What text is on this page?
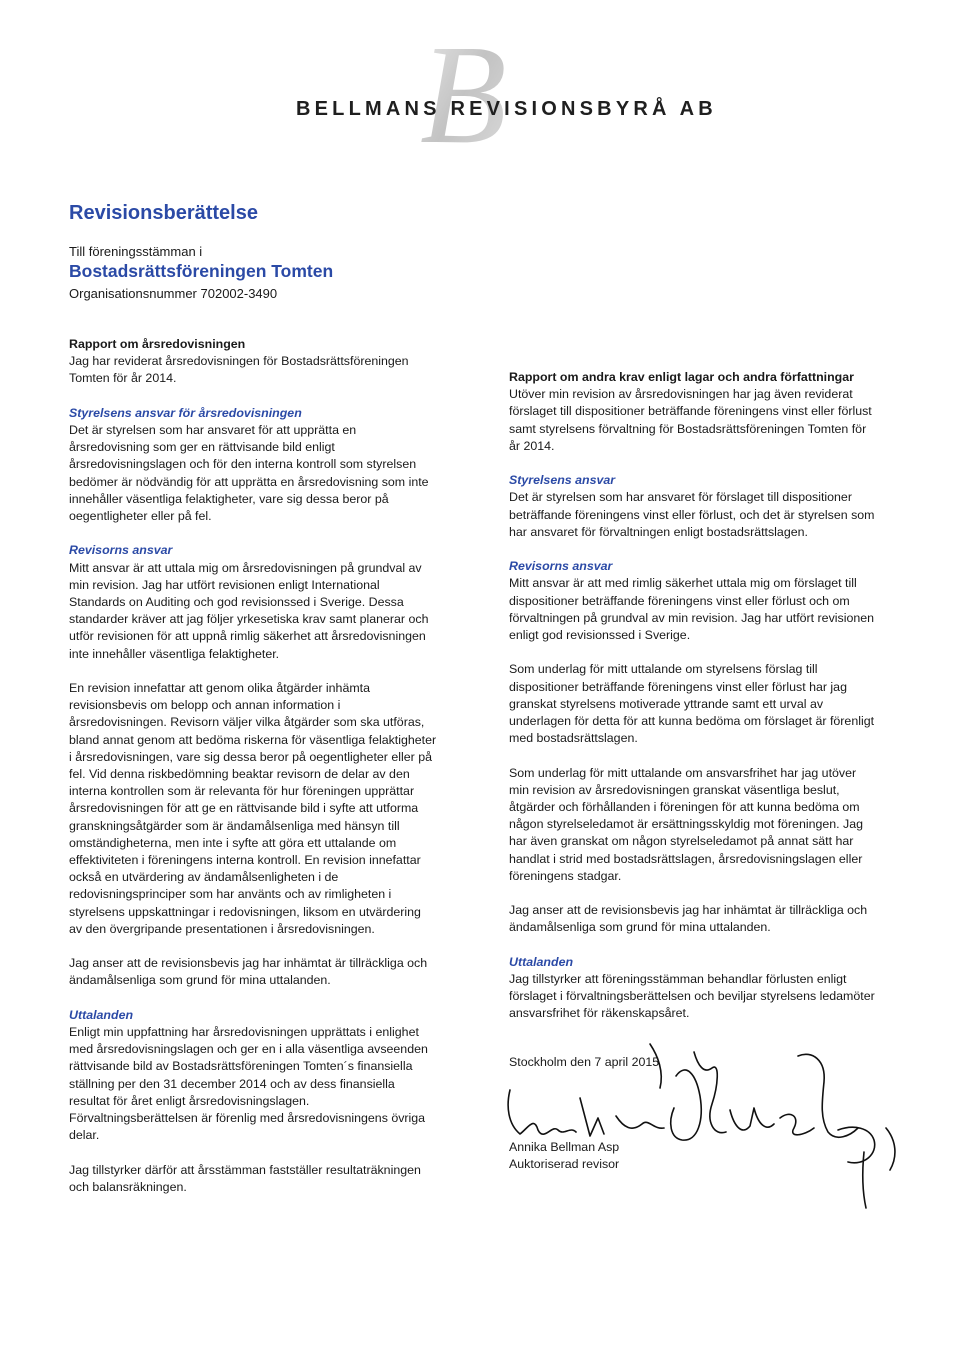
B
BELLMANS REVISIONSBYRÅ AB
Revisionsberättelse
Till föreningsstämman i
Bostadsrättsföreningen Tomten
Organisationsnummer 702002-3490
Rapport om årsredovisningen

Jag har reviderat årsredovisningen för Bostadsrättsföreningen
Tomten för år 2014.

Styrelsens ansvar för årsredovisningen

Det är styrelsen som har ansvaret för att upprätta en
årsredovisning som ger en rättvisande bild enligt
årsredovisningslagen och för den interna kontroll som styrelsen
bedömer är nödvändig för att upprätta en årsredovisning som inte
innehåller väsentliga felaktigheter, vare sig dessa beror på
oegentligheter eller på fel.

Revisorns ansvar

Mitt ansvar är att uttala mig om årsredovisningen på grundval av
min revision. Jag har utfört revisionen enligt International
Standards on Auditing och god revisionssed i Sverige. Dessa
standarder kräver att jag följer yrkesetiska krav samt planerar och
utför revisionen för att uppnå rimlig säkerhet att årsredovisningen
inte innehåller väsentliga felaktigheter.

En revision innefattar att genom olika åtgärder inhämta
revisionsbevis om belopp och annan information i
årsredovisningen. Revisorn väljer vilka åtgärder som ska utföras,
bland annat genom att bedöma riskerna för väsentliga felaktigheter
i årsredovisningen, vare sig dessa beror på oegentligheter eller på
fel. Vid denna riskbedömning beaktar revisorn de delar av den
interna kontrollen som är relevanta för hur föreningen upprättar
årsredovisningen för att ge en rättvisande bild i syfte att utforma
granskningsåtgärder som är ändamålsenliga med hänsyn till
omständigheterna, men inte i syfte att göra ett uttalande om
effektiviteten i föreningens interna kontroll. En revision innefattar
också en utvärdering av ändamålsenligheten i de
redovisningsprinciper som har använts och av rimligheten i
styrelsens uppskattningar i redovisningen, liksom en utvärdering
av den övergripande presentationen i årsredovisningen.

Jag anser att de revisionsbevis jag har inhämtat är tillräckliga och
ändamålsenliga som grund för mina uttalanden.

Uttalanden

Enligt min uppfattning har årsredovisningen upprättats i enlighet
med årsredovisningslagen och ger en i alla väsentliga avseenden
rättvisande bild av Bostadsrättsföreningen Tomten´s finansiella
ställning per den 31 december 2014 och av dess finansiella
resultat för året enligt årsredovisningslagen.
Förvaltningsberättelsen är förenlig med årsredovisningens övriga
delar.

Jag tillstyrker därför att årsstämman fastställer resultaträkningen
och balansräkningen.

Rapport om andra krav enligt lagar och andra författningar

Utöver min revision av årsredovisningen har jag även reviderat
förslaget till dispositioner beträffande föreningens vinst eller förlust
samt styrelsens förvaltning för Bostadsrättsföreningen Tomten för
år 2014.

Styrelsens ansvar

Det är styrelsen som har ansvaret för förslaget till dispositioner
beträffande föreningens vinst eller förlust, och det är styrelsen som
har ansvaret för förvaltningen enligt bostadsrättslagen.

Revisorns ansvar

Mitt ansvar är att med rimlig säkerhet uttala mig om förslaget till
dispositioner beträffande föreningens vinst eller förlust och om
förvaltningen på grundval av min revision. Jag har utfört revisionen
enligt god revisionssed i Sverige.

Som underlag för mitt uttalande om styrelsens förslag till
dispositioner beträffande föreningens vinst eller förlust har jag
granskat styrelsens motiverade yttrande samt ett urval av
underlagen för detta för att kunna bedöma om förslaget är förenligt
med bostadsrättslagen.

Som underlag för mitt uttalande om ansvarsfrihet har jag utöver
min revision av årsredovisningen granskat väsentliga beslut,
åtgärder och förhållanden i föreningen för att kunna bedöma om
någon styrelseledamot är ersättningsskyldig mot föreningen. Jag
har även granskat om någon styrelseledamot på annat sätt har
handlat i strid med bostadsrättslagen, årsredovisningslagen eller
föreningens stadgar.

Jag anser att de revisionsbevis jag har inhämtat är tillräckliga och
ändamålsenliga som grund för mina uttalanden.

Uttalanden

Jag tillstyrker att föreningsstämman behandlar förlusten enligt
förslaget i förvaltningsberättelsen och beviljar styrelsens ledamöter
ansvarsfrihet för räkenskapsåret.

Stockholm den 7 april 2015
Annika Bellman Asp
Auktoriserad revisor
